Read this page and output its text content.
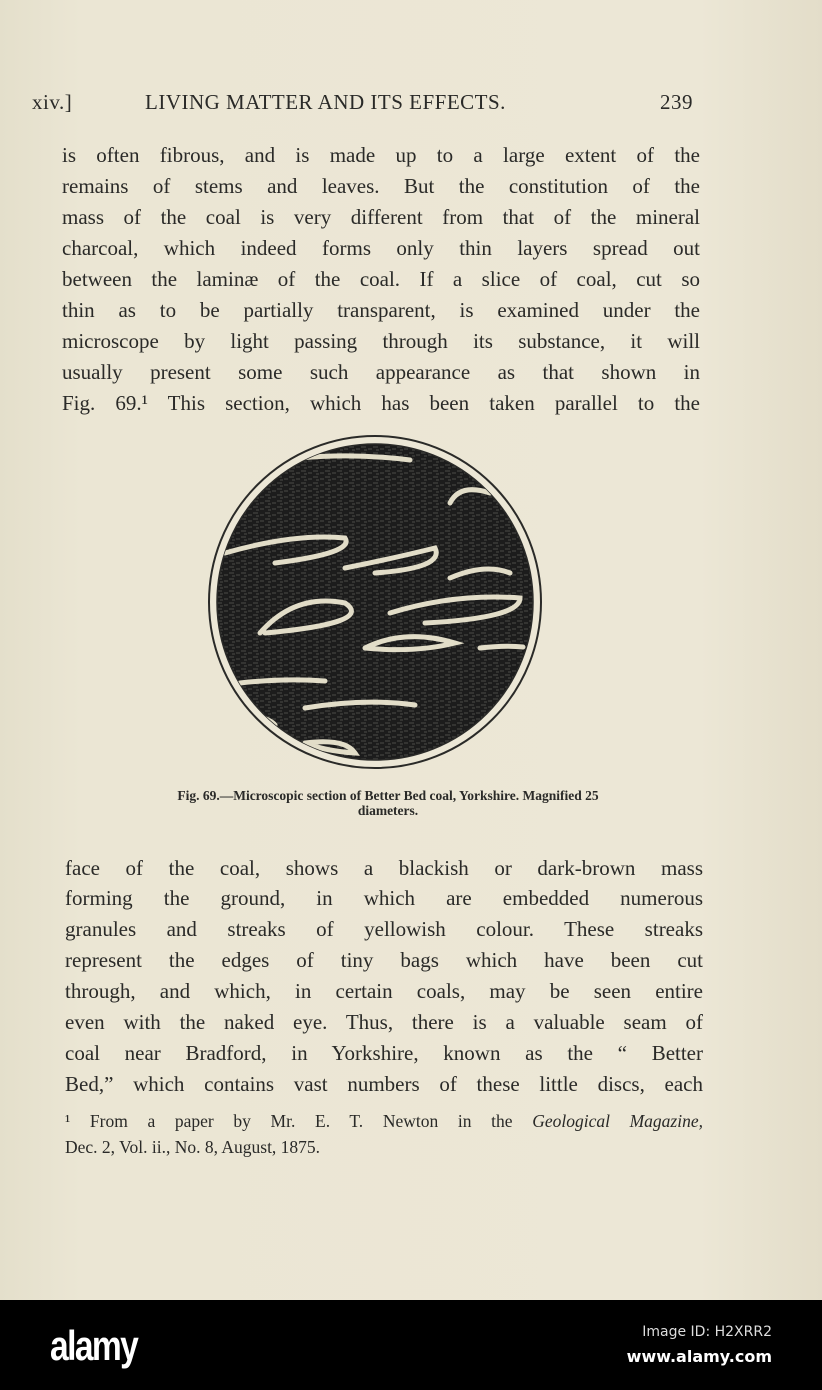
xiv.]	LIVING MATTER AND ITS EFFECTS.	239
is often fibrous, and is made up to a large extent of the
remains of stems and leaves. But the constitution of the
mass of the coal is very different from that of the mineral
charcoal, which indeed forms only thin layers spread out
between the laminæ of the coal. If a slice of coal, cut so
thin as to be partially transparent, is examined under the
microscope by light passing through its substance, it will
usually present some such appearance as that shown in
Fig. 69.¹ This section, which has been taken parallel to the
Fig. 69.—Microscopic section of Better Bed coal, Yorkshire. Magnified 25
diameters.
face of the coal, shows a blackish or dark-brown mass
forming the ground, in which are embedded numerous
granules and streaks of yellowish colour. These streaks
represent the edges of tiny bags which have been cut
through, and which, in certain coals, may be seen entire
even with the naked eye. Thus, there is a valuable seam of
coal near Bradford, in Yorkshire, known as the “ Better
Bed,” which contains vast numbers of these little discs, each
¹ From a paper by Mr. E. T. Newton in the Geological Magazine,
Dec. 2, Vol. ii., No. 8, August, 1875.
alamy	Image ID: H2XRR2
www.alamy.com
